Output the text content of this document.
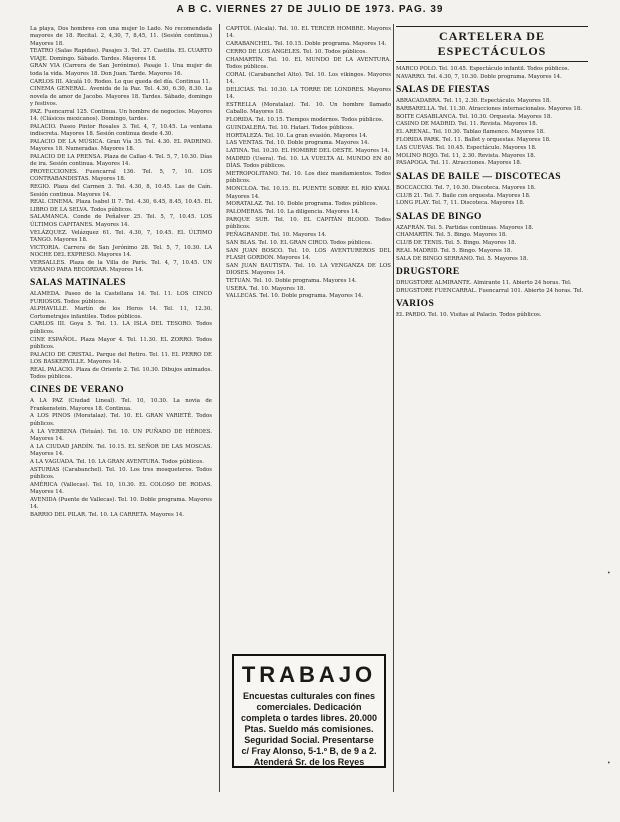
A B C. VIERNES 27 DE JULIO DE 1973. PAG. 39

La playa, Dos hombres con una mujer lo Lado. No recomendada mayores de 18. Recital. 2, 4,30, 7, 8,45, 11. (Sesión continua.) Mayores 18.

TEATRO (Salas Rapidas). Pasajes 3. Tel. 27. Castilla. EL CUARTO VIAJE. Domingo. Sábado. Tardes. Mayores 18.

GRAN VIA (Carrera de San Jerónimo). Pasaje 1. Una mujer de toda la vida. Mayores 18. Don Juan. Tarde. Mayores 16.

CARLOS III. Alcalá 10. Rodeo. Lo que queda del día. Continua 11.

CINEMA GENERAL. Avenida de la Paz. Tel. 4.30, 6.30, 8.30. La novela de amor de Jacobo. Mayores 18. Tardes. Sábado, domingo y festivos.

PAZ. Fuencarral 125. Continua. Un hombre de negocios. Mayores 14. (Clásicos mexicanos). Domingo, tardes.

PALACIO. Paseo Pintor Rosales 3. Tel. 4, 7, 10.45. La ventana indiscreta. Mayores 18. Sesión continua desde 4.30.

PALACIO DE LA MÚSICA. Gran Vía 35. Tel. 4.30. EL PADRINO. Mayores 18. Numeradas. Mayores 18.

PALACIO DE LA PRENSA. Plaza de Callao 4. Tel. 5, 7, 10.30. Días de ira. Sesión continua. Mayores 14.

PROYECCIONES. Fuencarral 136. Tel. 5, 7, 10. LOS CONTRABANDISTAS. Mayores 18.

REGIO. Plaza del Carmen 3. Tel. 4.30, 8, 10.45. Las de Caín. Sesión continua. Mayores 14.

REAL CINEMA. Plaza Isabel II 7. Tel. 4.30, 6.45, 8.45, 10.45. EL LIBRO DE LA SELVA. Todos públicos.

SALAMANCA. Conde de Peñalver 25. Tel. 5, 7, 10.45. LOS ÚLTIMOS CAPITANES. Mayores 14.

VELÁZQUEZ. Velázquez 61. Tel. 4.30, 7, 10.45. EL ÚLTIMO TANGO. Mayores 18.

VICTORIA. Carrera de San Jerónimo 28. Tel. 5, 7, 10.30. LA NOCHE DEL EXPRESO. Mayores 14.

VERSALLES. Plaza de la Villa de París. Tel. 4, 7, 10.45. UN VERANO PARA RECORDAR. Mayores 14.

SALAS MATINALES

ALAMEDA. Paseo de la Castellana 14. Tel. 11. LOS CINCO FURIOSOS. Todos públicos.

ALPHAVILLE. Martín de los Heros 14. Tel. 11, 12.30. Cortometrajes infantiles. Todos públicos.

CARLOS III. Goya 5. Tel. 11. LA ISLA DEL TESORO. Todos públicos.

CINE ESPAÑOL. Plaza Mayor 4. Tel. 11.30. EL ZORRO. Todos públicos.

PALACIO DE CRISTAL. Parque del Retiro. Tel. 11. EL PERRO DE LOS BASKERVILLE. Mayores 14.

REAL PALACIO. Plaza de Oriente 2. Tel. 10.30. Dibujos animados. Todos públicos.

CINES DE VERANO

A LA PAZ (Ciudad Lineal). Tel. 10, 10.30. La novia de Frankenstein. Mayores 18. Continua.

A LOS PINOS (Moratalaz). Tel. 10. EL GRAN VARIETÉ. Todos públicos.

A LA VERBENA (Tetuán). Tel. 10. UN PUÑADO DE HÉROES. Mayores 14.

A LA CIUDAD JARDÍN. Tel. 10.15. EL SEÑOR DE LAS MOSCAS. Mayores 14.

A LA VAGUADA. Tel. 10. LA GRAN AVENTURA. Todos públicos.

ASTURIAS (Carabanchel). Tel. 10. Los tres mosqueteros. Todos públicos.

AMÉRICA (Vallecas). Tel. 10, 10.30. EL COLOSO DE RODAS. Mayores 14.

AVENIDA (Puente de Vallecas). Tel. 10. Doble programa. Mayores 14.

BARRIO DEL PILAR. Tel. 10. LA CARRETA. Mayores 14.

CAPITOL (Alcalá). Tel. 10. EL TERCER HOMBRE. Mayores 14.

CARABANCHEL. Tel. 10.15. Doble programa. Mayores 14.

CERRO DE LOS ÁNGELES. Tel. 10. Todos públicos.

CHAMARTÍN. Tel. 10. EL MUNDO DE LA AVENTURA. Todos públicos.

CORAL (Carabanchel Alto). Tel. 10. Los vikingos. Mayores 14.

DELICIAS. Tel. 10.30. LA TORRE DE LONDRES. Mayores 14.

ESTRELLA (Moratalaz). Tel. 10. Un hombre llamado Caballo. Mayores 18.

FLORIDA. Tel. 10.15. Tiempos modernos. Todos públicos.

GUINDALERA. Tel. 10. Hatari. Todos públicos.

HORTALEZA. Tel. 10. La gran evasión. Mayores 14.

LAS VENTAS. Tel. 10. Doble programa. Mayores 14.

LATINA. Tel. 10.30. EL HOMBRE DEL OESTE. Mayores 14.

MADRID (Usera). Tel. 10. LA VUELTA AL MUNDO EN 80 DÍAS. Todos públicos.

METROPOLITANO. Tel. 10. Los diez mandamientos. Todos públicos.

MONCLOA. Tel. 10.15. EL PUENTE SOBRE EL RÍO KWAI. Mayores 14.

MORATALAZ. Tel. 10. Doble programa. Todos públicos.

PALOMERAS. Tel. 10. La diligencia. Mayores 14.

PARQUE SUR. Tel. 10. EL CAPITÁN BLOOD. Todos públicos.

PEÑAGRANDE. Tel. 10. Mayores 14.

SAN BLAS. Tel. 10. EL GRAN CIRCO. Todos públicos.

SAN JUAN BOSCO. Tel. 10. LOS AVENTUREROS DEL FLASH GORDON. Mayores 14.

SAN JUAN BAUTISTA. Tel. 10. LA VENGANZA DE LOS DIOSES. Mayores 14.

TETUÁN. Tel. 10. Doble programa. Mayores 14.

USERA. Tel. 10. Mayores 18.

VALLECAS. Tel. 10. Doble programa. Mayores 14.

TRABAJO
Encuestas culturales con fines comerciales. Dedicación completa o tardes libres. 20.000 Ptas. Sueldo más comisiones. Seguridad Social. Presentarse c/ Fray Alonso, 5-1.º B, de 9 a 2. Atenderá Sr. de los Reyes
CARTELERA DE ESPECTÁCULOS

MARCO POLO. Tel. 10.45. Espectáculo infantil. Todos públicos.

NAVARRO. Tel. 4.30, 7, 10.30. Doble programa. Mayores 14.

SALAS DE FIESTAS

ABRACADABRA. Tel. 11, 2.30. Espectáculo. Mayores 18.

BARBARELLA. Tel. 11.30. Atracciones internacionales. Mayores 18.

BOITE CASABLANCA. Tel. 10.30. Orquesta. Mayores 18.

CASINO DE MADRID. Tel. 11. Revista. Mayores 18.

EL ARENAL. Tel. 10.30. Tablao flamenco. Mayores 18.

FLORIDA PARK. Tel. 11. Ballet y orquestas. Mayores 18.

LAS CUEVAS. Tel. 10.45. Espectáculo. Mayores 18.

MOLINO ROJO. Tel. 11, 2.30. Revista. Mayores 18.

PASAPOGA. Tel. 11. Atracciones. Mayores 18.

SALAS DE BAILE — DISCOTECAS

BOCCACCIO. Tel. 7, 10.30. Discoteca. Mayores 18.

CLUB 21. Tel. 7. Baile con orquesta. Mayores 18.

LONG PLAY. Tel. 7, 11. Discoteca. Mayores 18.

SALAS DE BINGO

AZAFRÁN. Tel. 5. Partidas continuas. Mayores 18.

CHAMARTÍN. Tel. 5. Bingo. Mayores 18.

CLUB DE TENIS. Tel. 5. Bingo. Mayores 18.

REAL MADRID. Tel. 5. Bingo. Mayores 18.

SALA DE BINGO SERRANO. Tel. 5. Mayores 18.

DRUGSTORE

DRUGSTORE ALMIRANTE. Almirante 11. Abierto 24 horas. Tel.

DRUGSTORE FUENCARRAL. Fuencarral 101. Abierto 24 horas. Tel.

VARIOS

EL PARDO. Tel. 10. Visitas al Palacio. Todos públicos.

•
•
